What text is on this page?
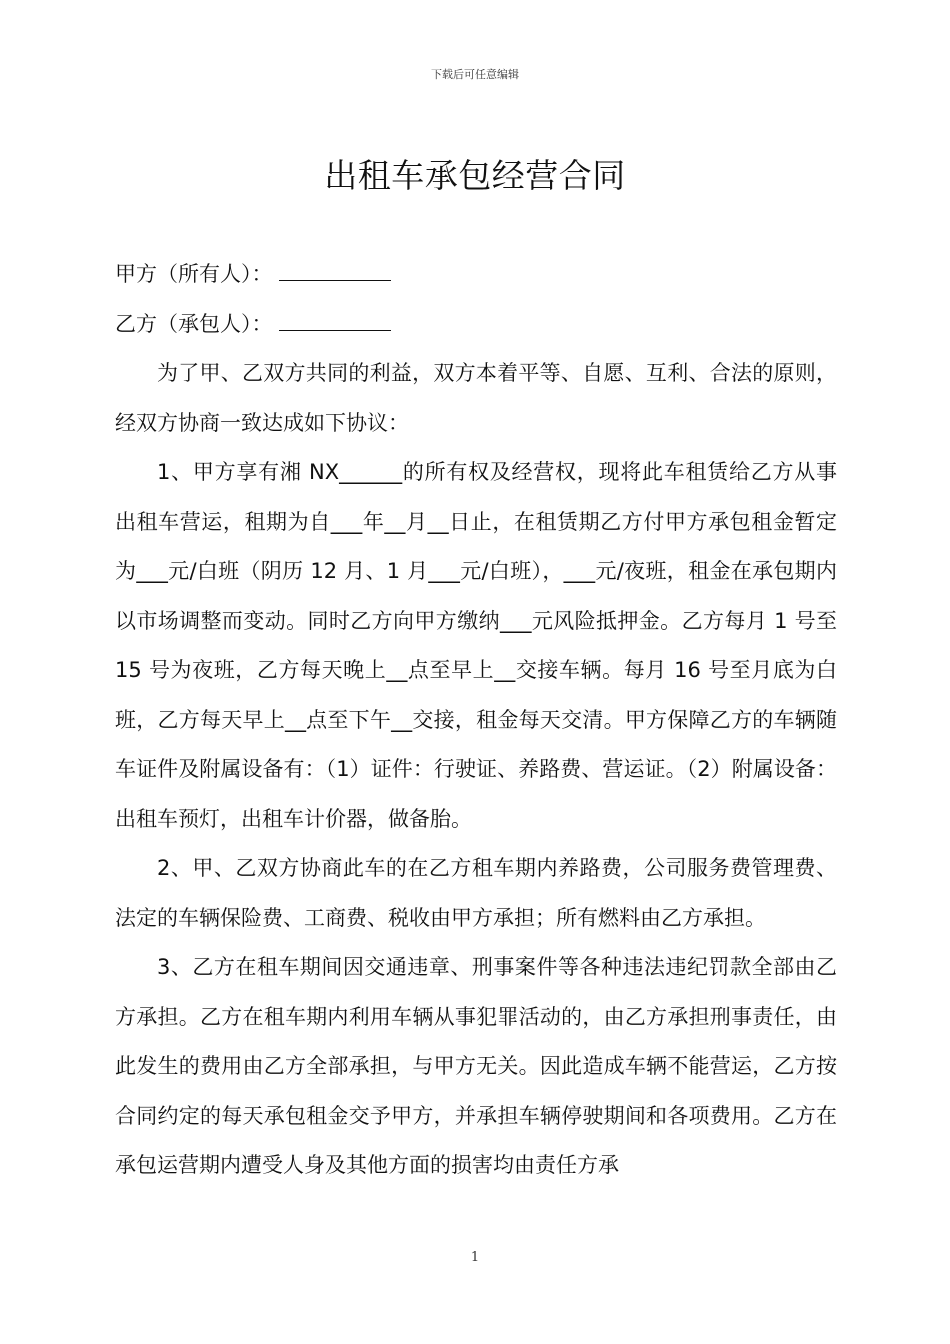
下载后可任意编辑
出租车承包经营合同
甲方（所有人）：
乙方（承包人）：

为了甲、乙双方共同的利益，双方本着平等、自愿、互利、合法的原则，经双方协商一致达成如下协议：

1、甲方享有湘 NX______的所有权及经营权，现将此车租赁给乙方从事出租车营运，租期为自___年__月__日止，在租赁期乙方付甲方承包租金暂定为___元/白班（阴历 12 月、1 月___元/白班），___元/夜班，租金在承包期内以市场调整而变动。同时乙方向甲方缴纳___元风险抵押金。乙方每月 1 号至 15 号为夜班，乙方每天晚上__点至早上__交接车辆。每月 16 号至月底为白班，乙方每天早上__点至下午__交接，租金每天交清。甲方保障乙方的车辆随车证件及附属设备有：（1）证件：行驶证、养路费、营运证。（2）附属设备：出租车预灯，出租车计价器，做备胎。

2、甲、乙双方协商此车的在乙方租车期内养路费，公司服务费管理费、法定的车辆保险费、工商费、税收由甲方承担；所有燃料由乙方承担。

3、乙方在租车期间因交通违章、刑事案件等各种违法违纪罚款全部由乙方承担。乙方在租车期内利用车辆从事犯罪活动的，由乙方承担刑事责任，由此发生的费用由乙方全部承担，与甲方无关。因此造成车辆不能营运，乙方按合同约定的每天承包租金交予甲方，并承担车辆停驶期间和各项费用。乙方在承包运营期内遭受人身及其他方面的损害均由责任方承

1
